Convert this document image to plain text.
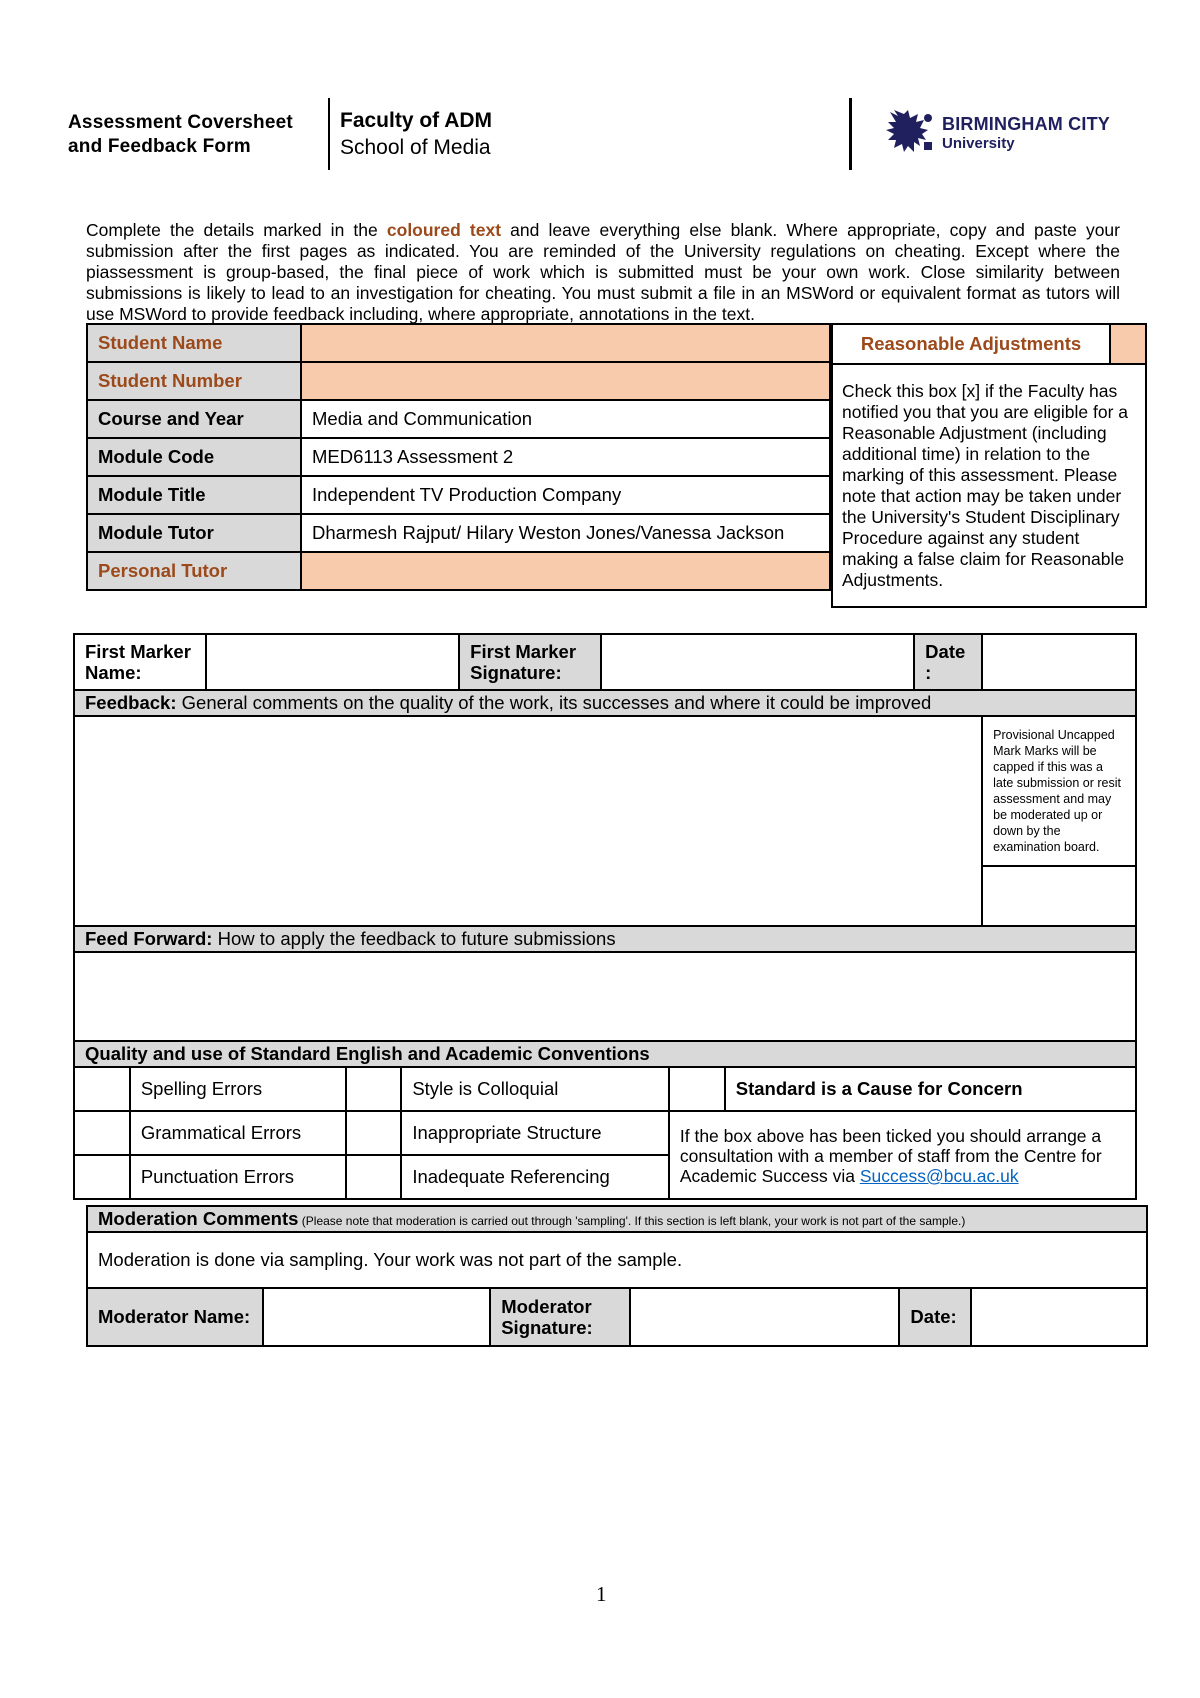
Assessment Coversheet
and Feedback Form
Faculty of ADM
School of Media
BIRMINGHAM CITY
University
Complete the details marked in the coloured text and leave everything else blank. Where appropriate, copy and paste your submission after the first pages as indicated. You are reminded of the University regulations on cheating. Except where the piassessment is group-based, the final piece of work which is submitted must be your own work. Close similarity between submissions is likely to lead to an investigation for cheating. You must submit a file in an MSWord or equivalent format as tutors will use MSWord to provide feedback including, where appropriate, annotations in the text.
Student Name	
Student Number	
Course and Year	Media and Communication
Module Code	MED6113 Assessment 2
Module Title	Independent TV Production Company
Module Tutor	Dharmesh Rajput/ Hilary Weston Jones/Vanessa Jackson
Personal Tutor	
Reasonable Adjustments
Check this box [x] if the Faculty has notified you that you are eligible for a Reasonable Adjustment (including additional time) in relation to the marking of this assessment. Please note that action may be taken under the University's Student Disciplinary Procedure against any student making a false claim for Reasonable Adjustments.
First Marker Name:		First Marker Signature:		Date :	
Feedback: General comments on the quality of the work, its successes and where it could be improved					
					Provisional Uncapped Mark Marks will be capped if this was a late submission or resit assessment and may be moderated up or down by the examination board.

Feed Forward: How to apply the feedback to future submissions					

Quality and use of Standard English and Academic Conventions					
	Spelling Errors		Style is Colloquial		Standard is a Cause for Concern
	Grammatical Errors		Inappropriate Structure	If the box above has been ticked you should arrange a consultation with a member of staff from the Centre for Academic Success via Success@bcu.ac.uk	
	Punctuation Errors		Inadequate Referencing		
Moderation Comments (Please note that moderation is carried out through 'sampling'. If this section is left blank, your work is not part of the sample.)
Moderation is done via sampling. Your work was not part of the sample.
Moderator Name:		Moderator Signature:		Date:	
1
